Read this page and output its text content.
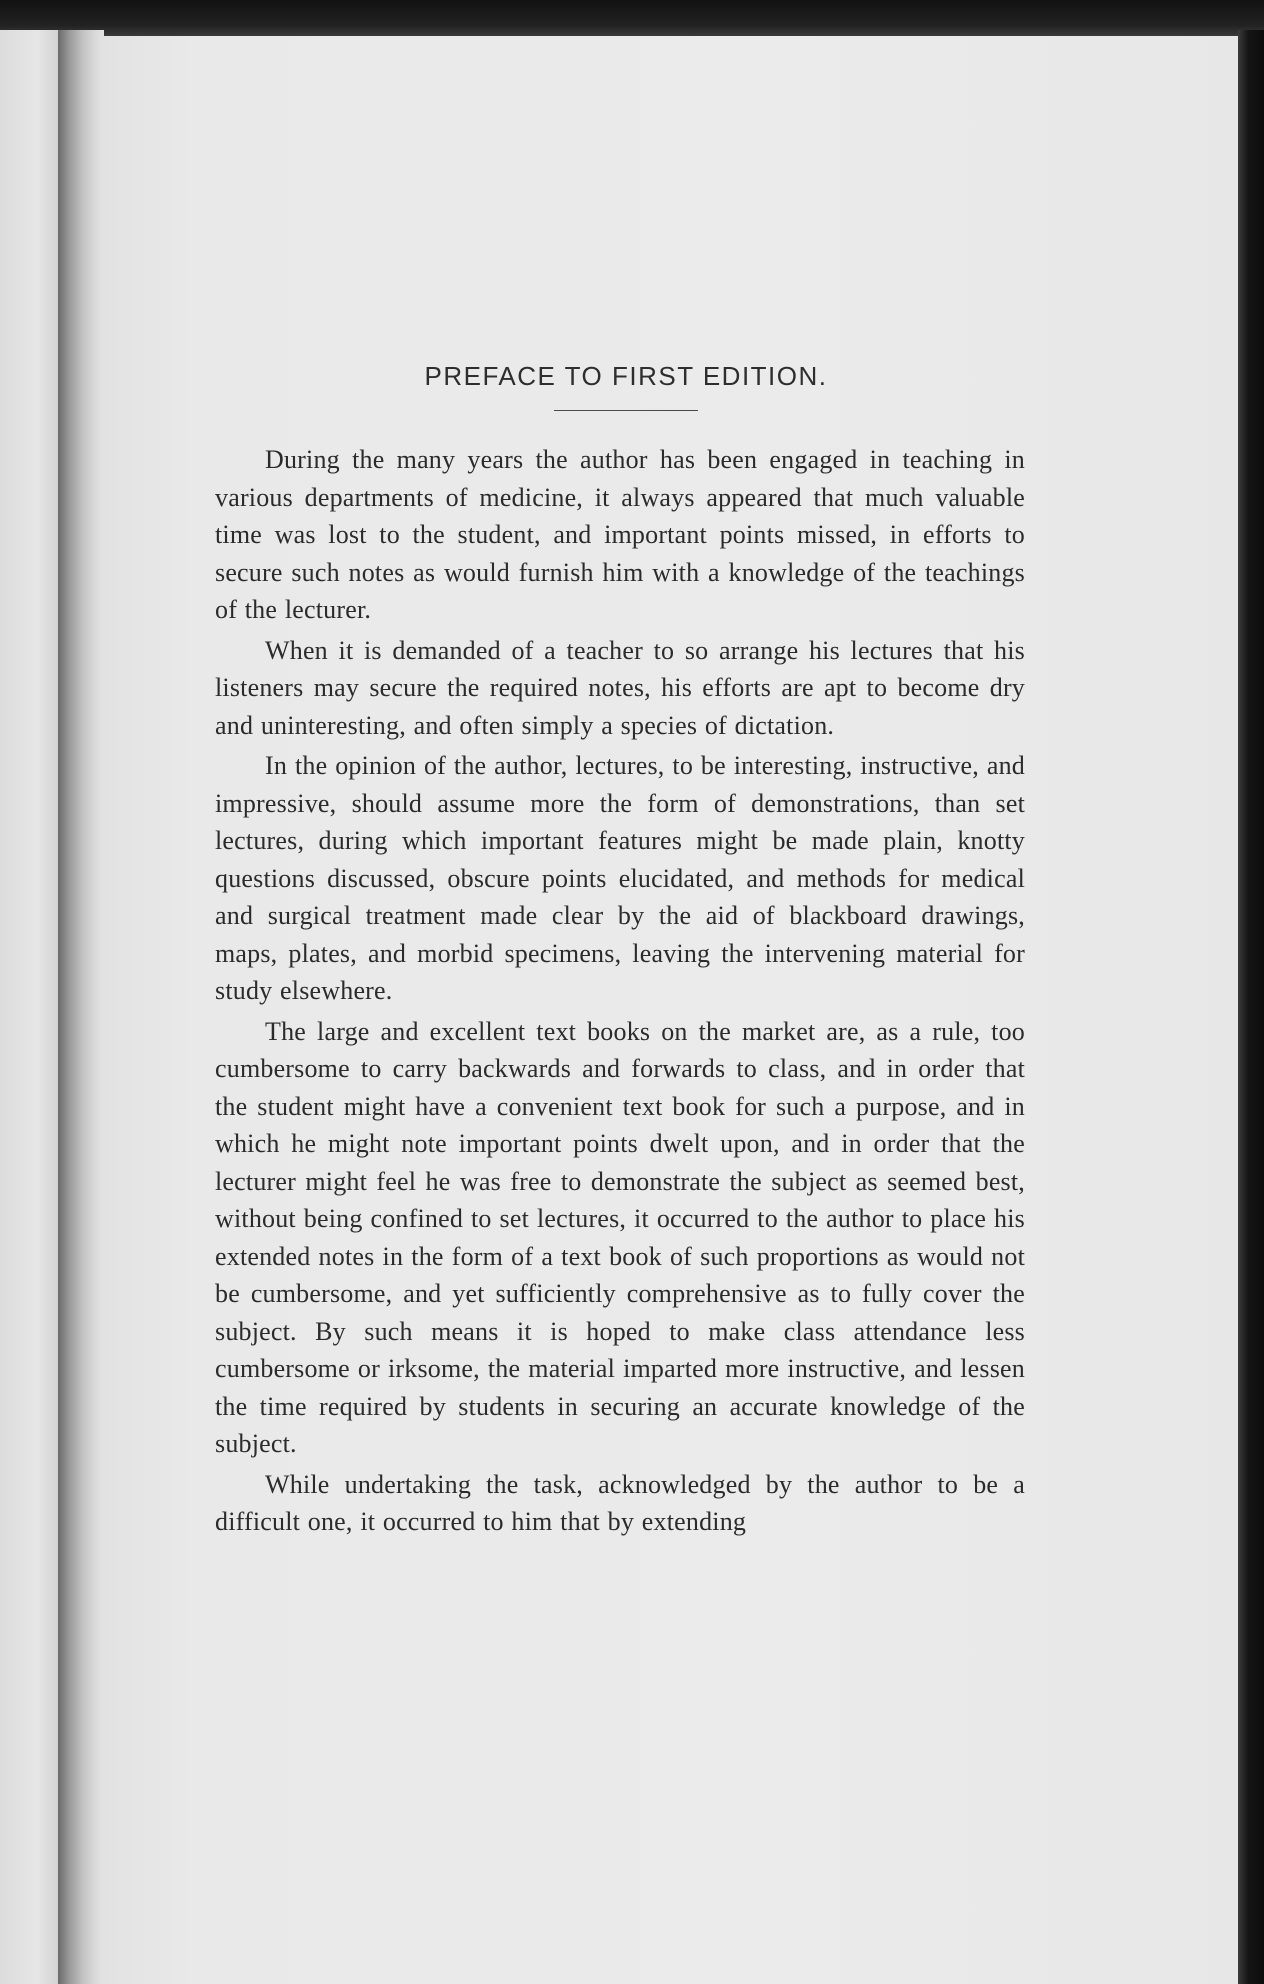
PREFACE TO FIRST EDITION.

During the many years the author has been engaged in teaching in various departments of medicine, it always appeared that much valuable time was lost to the student, and important points missed, in efforts to secure such notes as would furnish him with a knowledge of the teachings of the lecturer.

When it is demanded of a teacher to so arrange his lectures that his listeners may secure the required notes, his efforts are apt to become dry and uninteresting, and often simply a species of dictation.

In the opinion of the author, lectures, to be interesting, instructive, and impressive, should assume more the form of demonstrations, than set lectures, during which important features might be made plain, knotty questions discussed, obscure points elucidated, and methods for medical and surgical treatment made clear by the aid of blackboard drawings, maps, plates, and morbid specimens, leaving the intervening material for study elsewhere.

The large and excellent text books on the market are, as a rule, too cumbersome to carry backwards and forwards to class, and in order that the student might have a convenient text book for such a purpose, and in which he might note important points dwelt upon, and in order that the lecturer might feel he was free to demonstrate the subject as seemed best, without being confined to set lectures, it occurred to the author to place his extended notes in the form of a text book of such proportions as would not be cumbersome, and yet sufficiently comprehensive as to fully cover the subject. By such means it is hoped to make class attendance less cumbersome or irksome, the material imparted more instructive, and lessen the time required by students in securing an accurate knowledge of the subject.

While undertaking the task, acknowledged by the author to be a difficult one, it occurred to him that by extending
